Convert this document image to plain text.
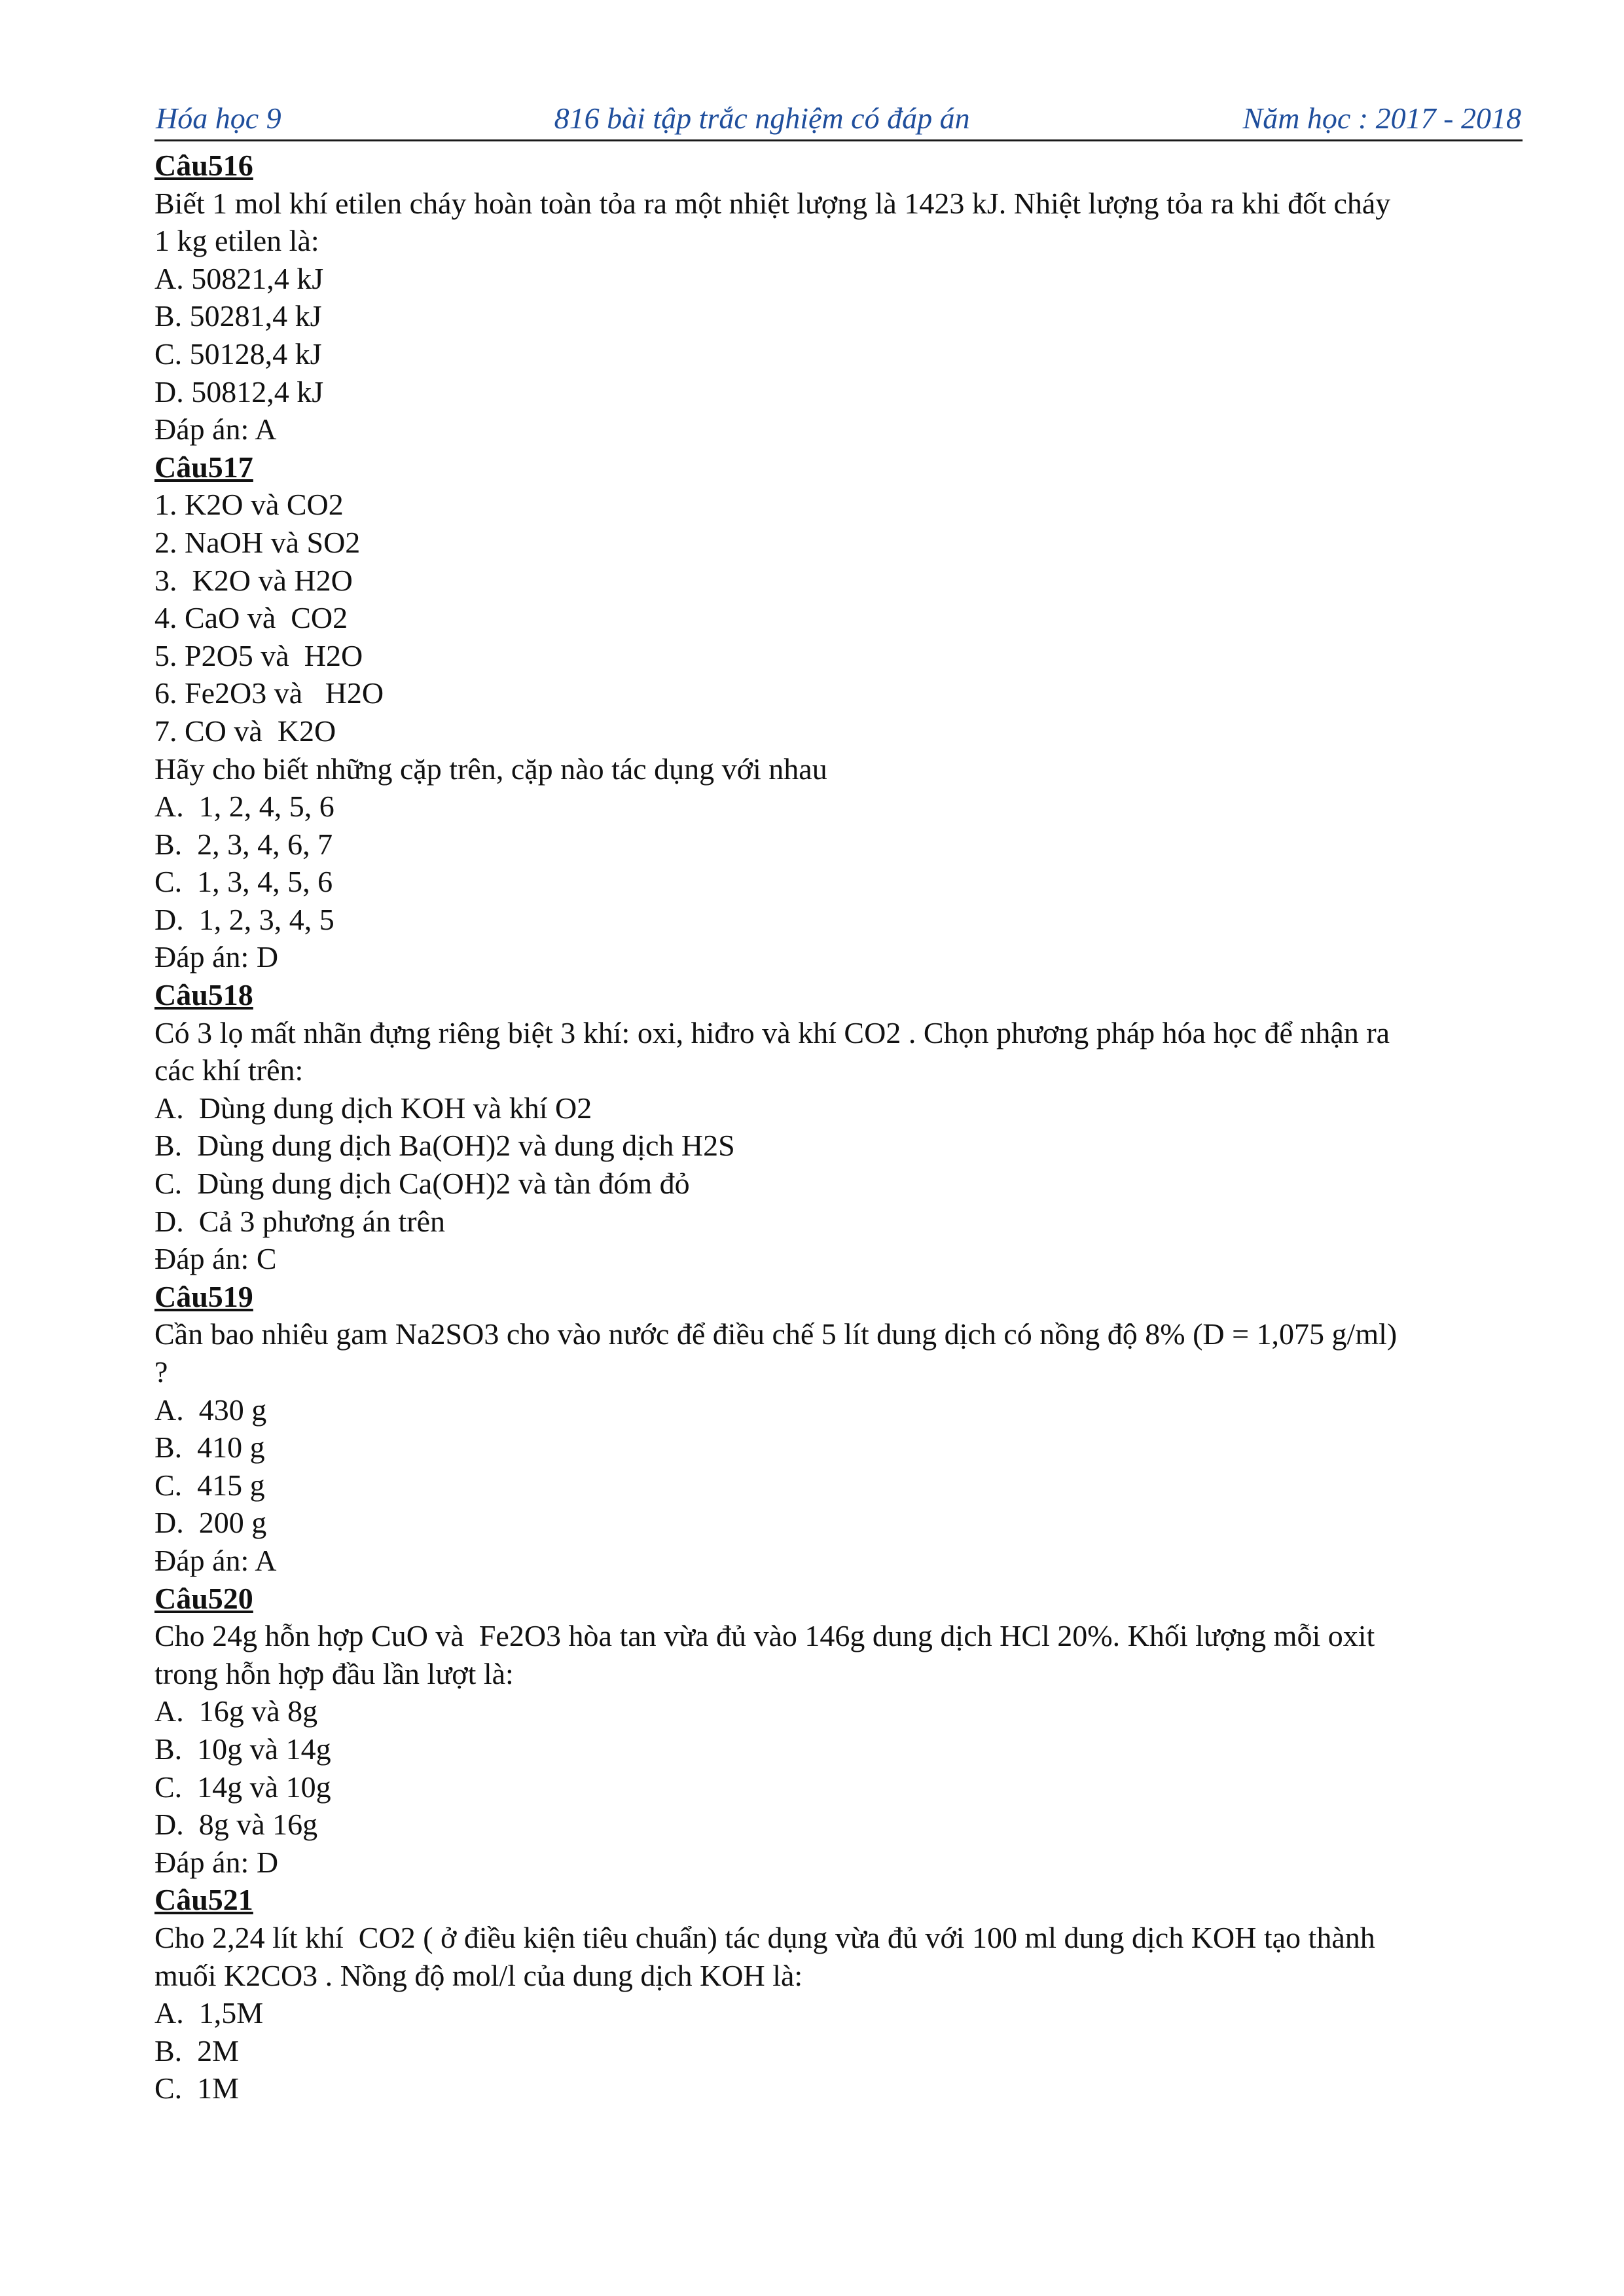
Hóa học 9	816 bài tập trắc nghiệm có đáp án	Năm học : 2017 - 2018
Câu516
Biết 1 mol khí etilen cháy hoàn toàn tỏa ra một nhiệt lượng là 1423 kJ. Nhiệt lượng tỏa ra khi đốt cháy
1 kg etilen là:
A. 50821,4 kJ
B. 50281,4 kJ
C. 50128,4 kJ
D. 50812,4 kJ
Đáp án: A
Câu517
1. K2O và CO2
2. NaOH và SO2
3.  K2O và H2O
4. CaO và  CO2
5. P2O5 và  H2O
6. Fe2O3 và   H2O
7. CO và  K2O
Hãy cho biết những cặp trên, cặp nào tác dụng với nhau
A.  1, 2, 4, 5, 6
B.  2, 3, 4, 6, 7
C.  1, 3, 4, 5, 6
D.  1, 2, 3, 4, 5
Đáp án: D
Câu518
Có 3 lọ mất nhãn đựng riêng biệt 3 khí: oxi, hiđro và khí CO2 . Chọn phương pháp hóa học để nhận ra
các khí trên:
A.  Dùng dung dịch KOH và khí O2
B.  Dùng dung dịch Ba(OH)2 và dung dịch H2S
C.  Dùng dung dịch Ca(OH)2 và tàn đóm đỏ
D.  Cả 3 phương án trên
Đáp án: C
Câu519
Cần bao nhiêu gam Na2SO3 cho vào nước để điều chế 5 lít dung dịch có nồng độ 8% (D = 1,075 g/ml)
?
A.  430 g
B.  410 g
C.  415 g
D.  200 g
Đáp án: A
Câu520
Cho 24g hỗn hợp CuO và  Fe2O3 hòa tan vừa đủ vào 146g dung dịch HCl 20%. Khối lượng mỗi oxit
trong hỗn hợp đầu lần lượt là:
A.  16g và 8g
B.  10g và 14g
C.  14g và 10g
D.  8g và 16g
Đáp án: D
Câu521
Cho 2,24 lít khí  CO2 ( ở điều kiện tiêu chuẩn) tác dụng vừa đủ với 100 ml dung dịch KOH tạo thành
muối K2CO3 . Nồng độ mol/l của dung dịch KOH là:
A.  1,5M
B.  2M
C.  1M
